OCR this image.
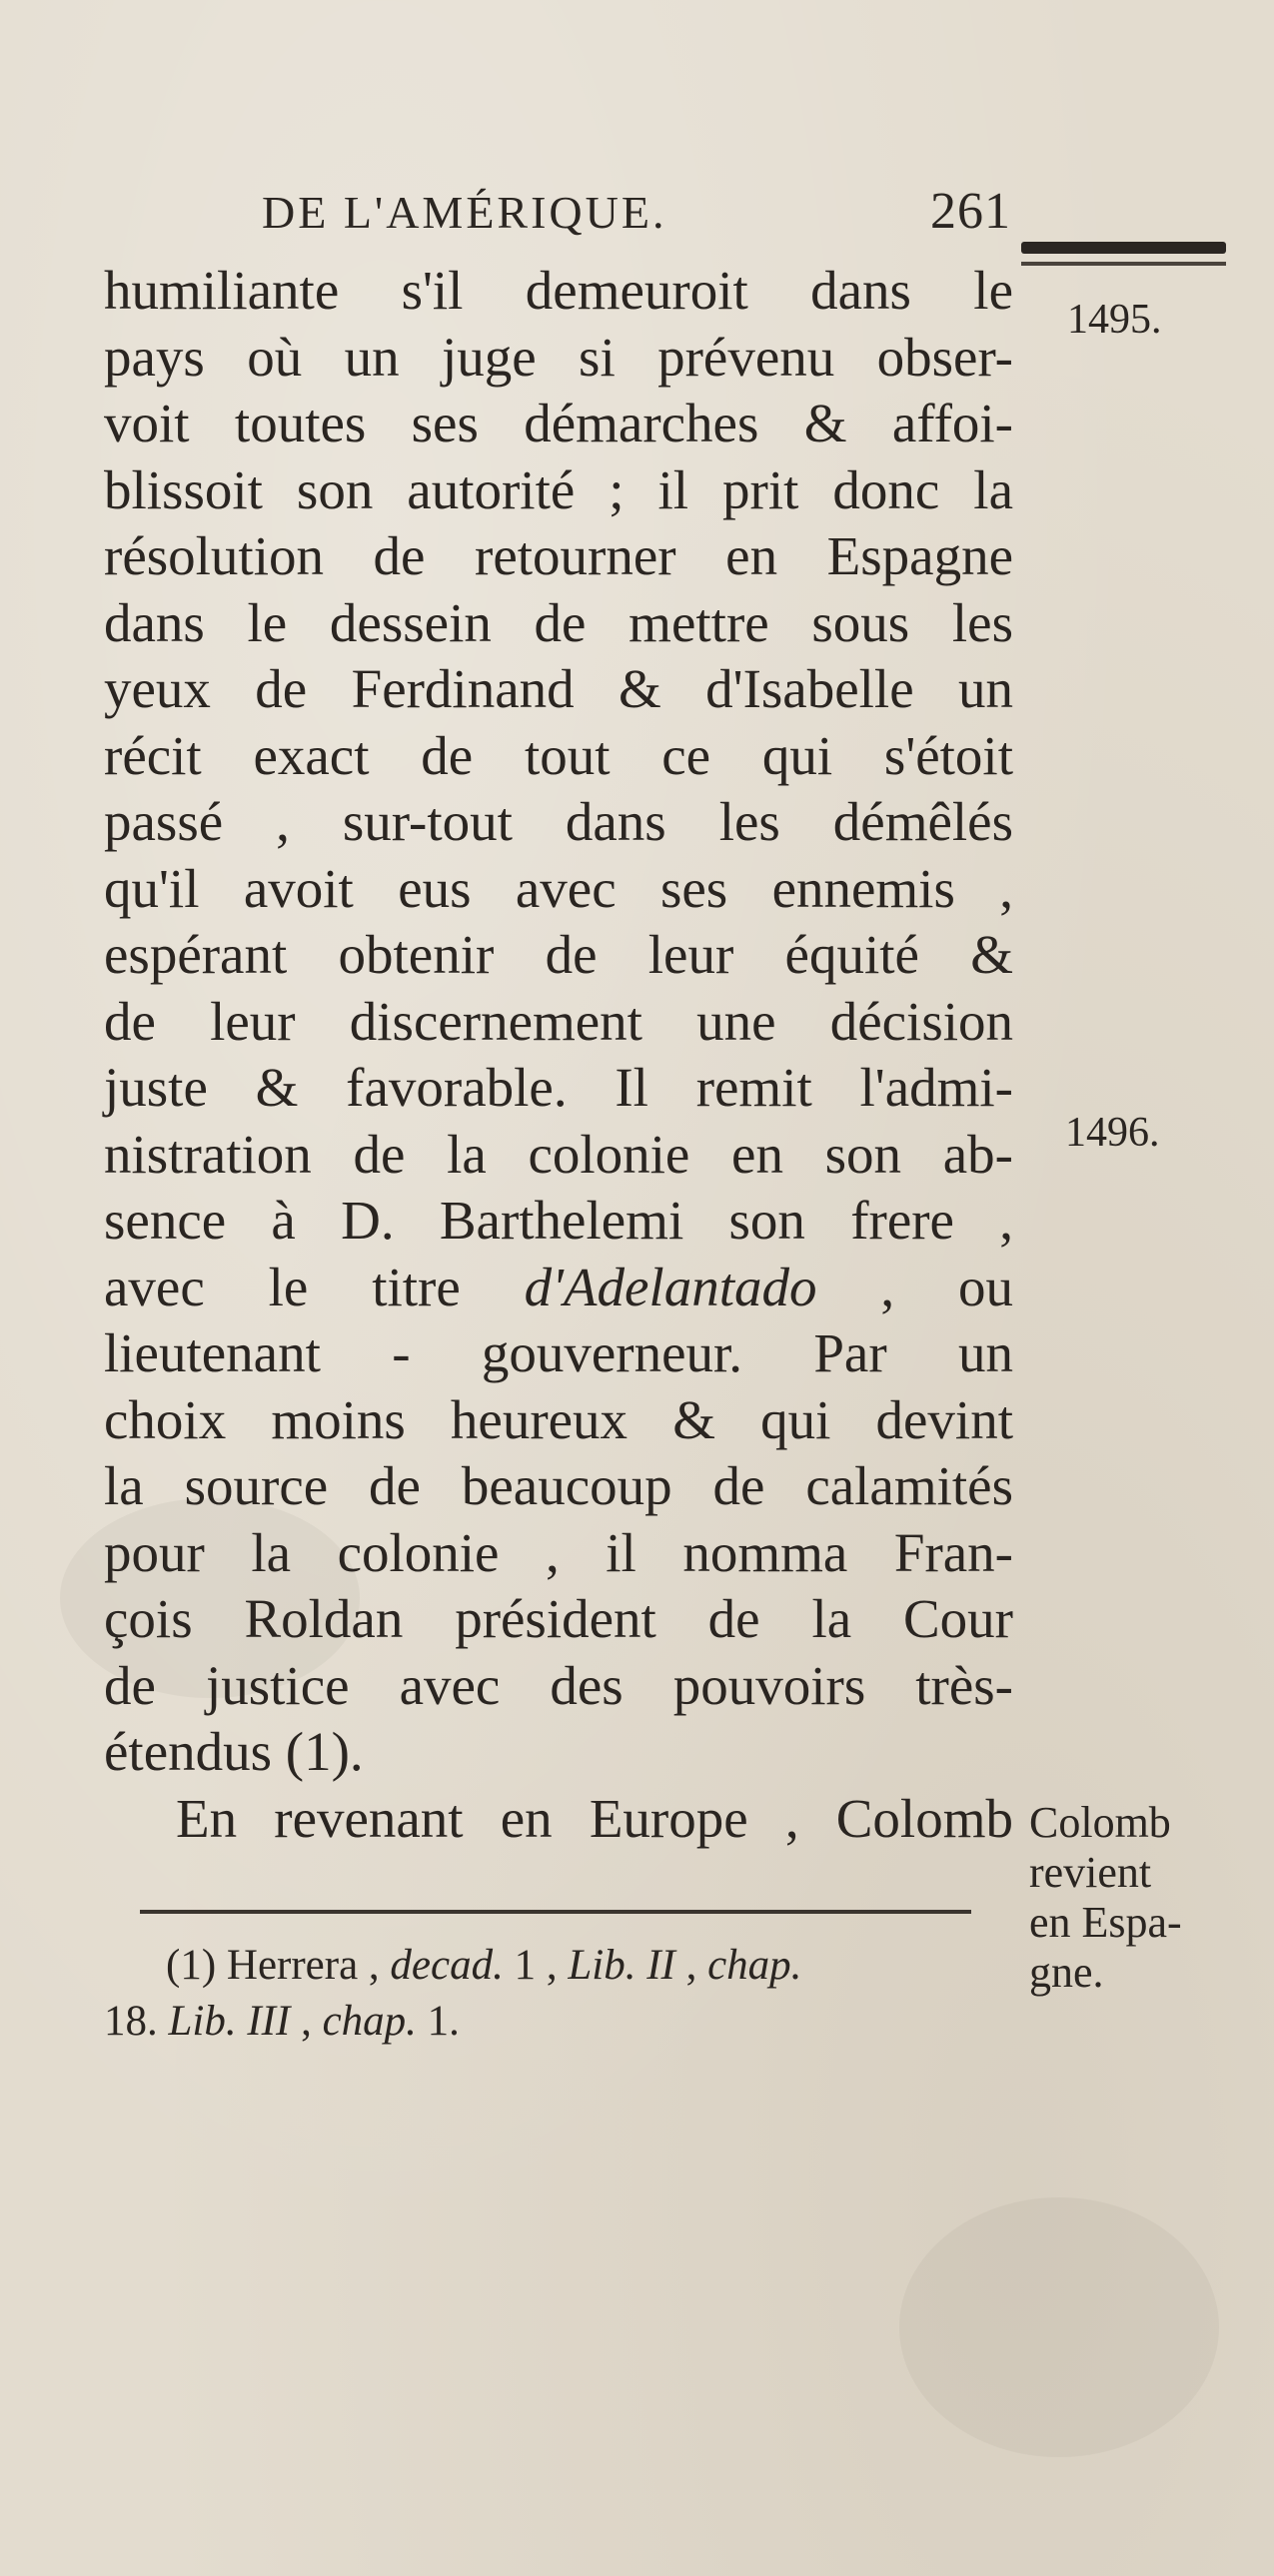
DE L'AMÉRIQUE.	261
1495.
1496.
humiliante s'il demeuroit dans le
pays où un juge si prévenu obser-
voit toutes ses démarches & affoi-
blissoit son autorité ; il prit donc la
résolution de retourner en Espagne
dans le dessein de mettre sous les
yeux de Ferdinand & d'Isabelle un
récit exact de tout ce qui s'étoit
passé , sur-tout dans les démêlés
qu'il avoit eus avec ses ennemis ,
espérant obtenir de leur équité &
de leur discernement une décision
juste & favorable. Il remit l'admi-
nistration de la colonie en son ab-
sence à D. Barthelemi son frere ,
avec le titre d'Adelantado , ou
lieutenant - gouverneur. Par un
choix moins heureux & qui devint
la source de beaucoup de calamités
pour la colonie , il nomma Fran-
çois Roldan président de la Cour
de justice avec des pouvoirs très-
étendus (1).
En revenant en Europe , Colomb Colomb
revient
en Espa-
gne.
(1) Herrera , decad. 1 , Lib. II , chap.
18. Lib. III , chap. 1.
